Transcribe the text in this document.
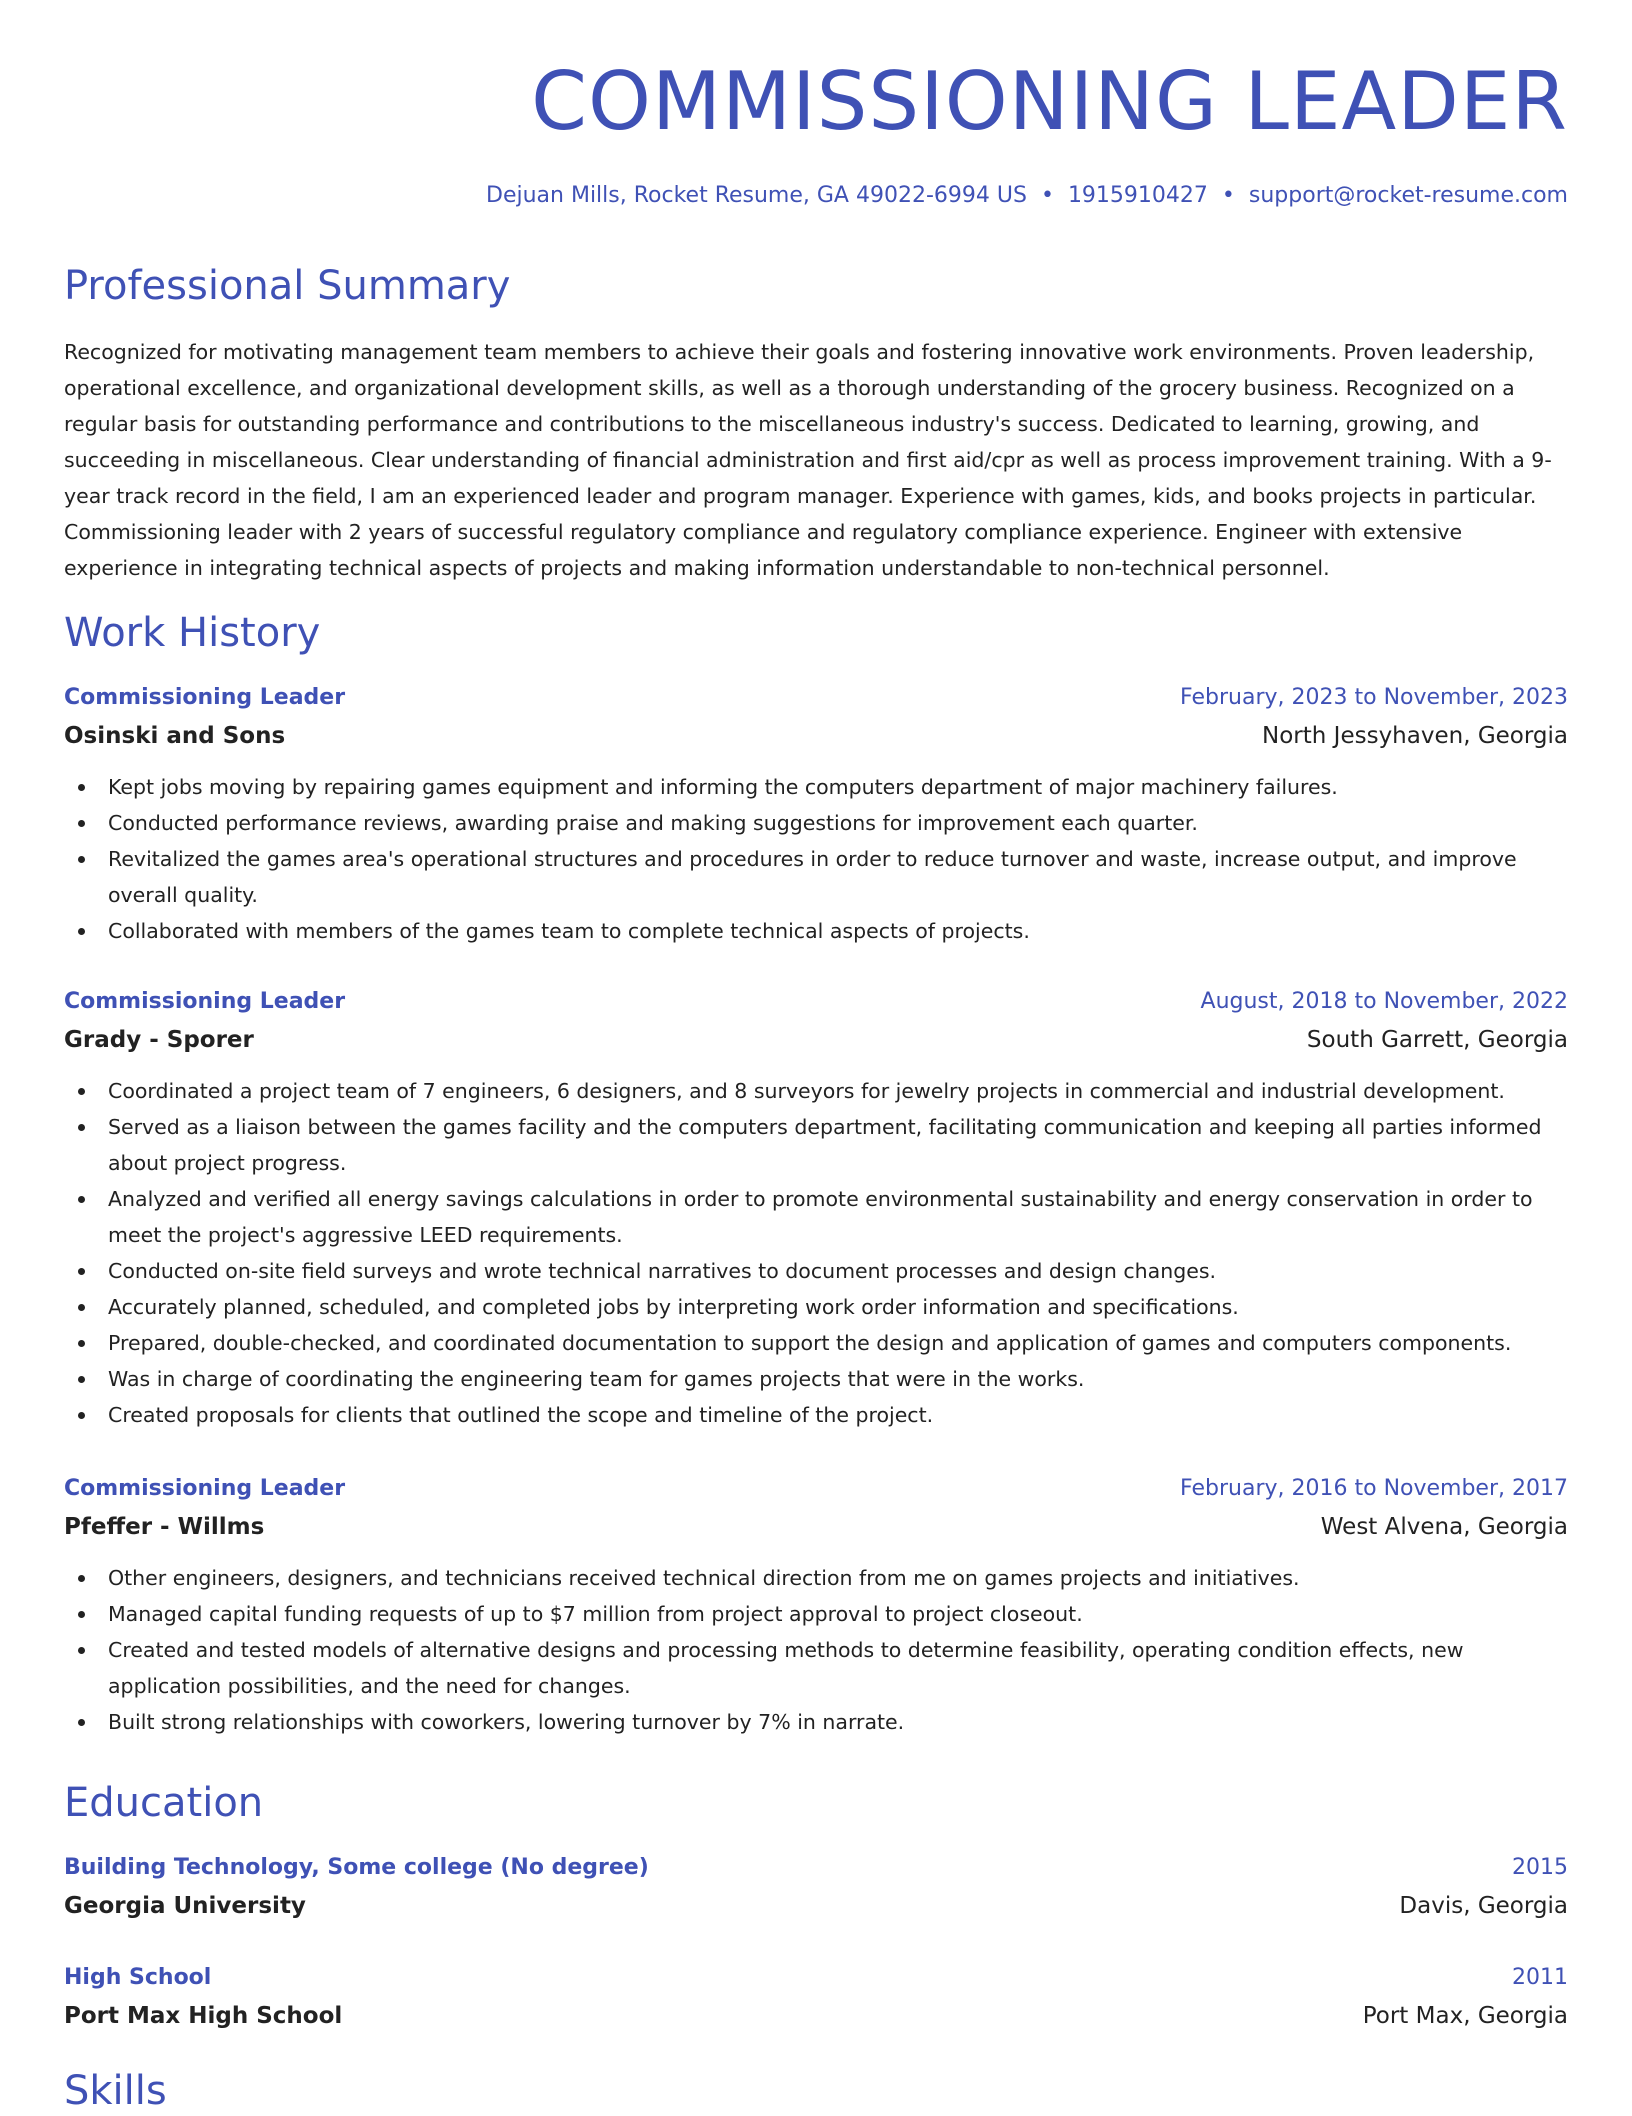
COMMISSIONING LEADER
Dejuan Mills, Rocket Resume, GA 49022-6994 US • 1915910427 • support@rocket-resume.com
Professional Summary

Recognized for motivating management team members to achieve their goals and fostering innovative work environments. Proven leadership, operational excellence, and organizational development skills, as well as a thorough understanding of the grocery business. Recognized on a regular basis for outstanding performance and contributions to the miscellaneous industry's success. Dedicated to learning, growing, and succeeding in miscellaneous. Clear understanding of financial administration and first aid/cpr as well as process improvement training. With a 9-year track record in the field, I am an experienced leader and program manager. Experience with games, kids, and books projects in particular. Commissioning leader with 2 years of successful regulatory compliance and regulatory compliance experience. Engineer with extensive experience in integrating technical aspects of projects and making information understandable to non-technical personnel.

Work History
Commissioning Leader	February, 2023 to November, 2023
Osinski and Sons	North Jessyhaven, Georgia
Kept jobs moving by repairing games equipment and informing the computers department of major machinery failures.
Conducted performance reviews, awarding praise and making suggestions for improvement each quarter.
Revitalized the games area's operational structures and procedures in order to reduce turnover and waste, increase output, and improve overall quality.
Collaborated with members of the games team to complete technical aspects of projects.
Commissioning Leader	August, 2018 to November, 2022
Grady - Sporer	South Garrett, Georgia
Coordinated a project team of 7 engineers, 6 designers, and 8 surveyors for jewelry projects in commercial and industrial development.
Served as a liaison between the games facility and the computers department, facilitating communication and keeping all parties informed about project progress.
Analyzed and verified all energy savings calculations in order to promote environmental sustainability and energy conservation in order to meet the project's aggressive LEED requirements.
Conducted on-site field surveys and wrote technical narratives to document processes and design changes.
Accurately planned, scheduled, and completed jobs by interpreting work order information and specifications.
Prepared, double-checked, and coordinated documentation to support the design and application of games and computers components.
Was in charge of coordinating the engineering team for games projects that were in the works.
Created proposals for clients that outlined the scope and timeline of the project.
Commissioning Leader	February, 2016 to November, 2017
Pfeffer - Willms	West Alvena, Georgia
Other engineers, designers, and technicians received technical direction from me on games projects and initiatives.
Managed capital funding requests of up to $7 million from project approval to project closeout.
Created and tested models of alternative designs and processing methods to determine feasibility, operating condition effects, new application possibilities, and the need for changes.
Built strong relationships with coworkers, lowering turnover by 7% in narrate.
Education
Building Technology, Some college (No degree)	2015
Georgia University	Davis, Georgia
High School	2011
Port Max High School	Port Max, Georgia
Skills
